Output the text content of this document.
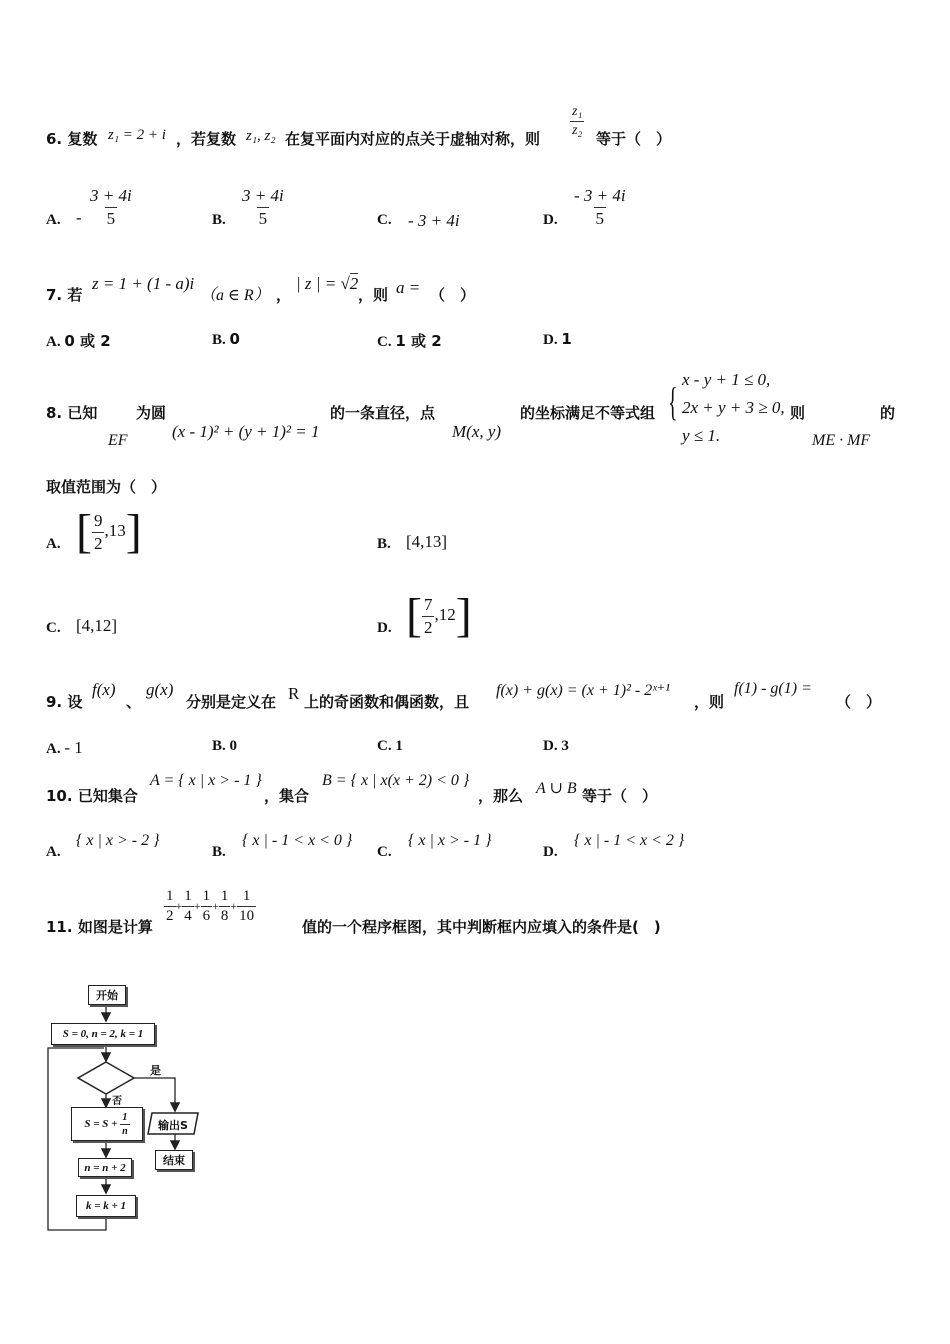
6. 复数 z₁ = 2 + i ，若复数 z₁, z₂ 在复平面内对应的点关于虚轴对称，则 $\frac{\text{z₁}}{\text{z₂}}$ 等于（　）
A. - $\frac{3 + 4i}{5}$	B. $\frac{3 + 4i}{5}$	C. - 3 + 4i	D. $\frac{- 3 + 4i}{5}$
7. 若
z = 1 + (1 - a)i
（a ∈ R） ，
| z | = √2
，则 a = （　）
A. 0 或 2	B. 0	C. 1 或 2	D. 1
8. 已知
EF
为圆
(x - 1)² + (y + 1)² = 1
的一条直径，点
M(x, y)
的坐标满足不等式组 { x - y + 1 ≤ 0,
2x + y + 3 ≥ 0,
y ≤ 1.
则
ME · MF
的
取值范围为（　）
A. [ $\frac{9}{2} ,13$]	B. [4,13]
C. [4,12]	D. [ $\frac{7}{2} ,12$]
9. 设
f(x)
、
g(x)
分别是定义在 R 上的奇函数和偶函数，且
f(x) + g(x) = (x + 1)² - 2ˣ⁺¹
，则
f(1) - g(1) =
（　）
A. - 1	B. 0	C. 1	D. 3
10. 已知集合
A = { x | x > - 1 }
，集合
B = { x | x(x + 2) < 0 }
，那么 A ∪ B 等于（　）
A.
{ x | x > - 2 }
B.
{ x | - 1 < x < 0 }
C.
{ x | x > - 1 }
D.
{ x | - 1 < x < 2 }
11. 如图是计算
$\frac{1}{2} + \frac{1}{4} + \frac{1}{6} + \frac{1}{8} + \frac{1}{10}$
值的一个程序框图，其中判断框内应填入的条件是(　)
开始
S = 0, n = 2, k = 1
是
否
S = S +
$\frac{1}{n}$	输出S
结束
n = n + 2
k = k + 1
